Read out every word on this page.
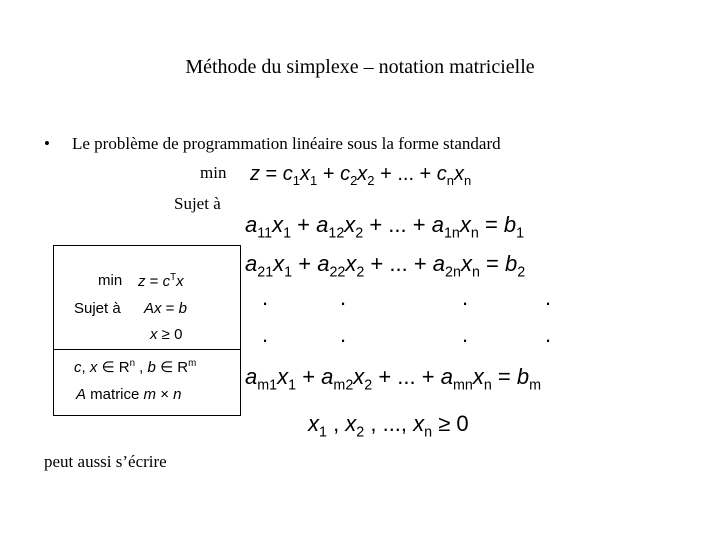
Méthode du simplexe – notation matricielle
• Le problème de programmation linéaire sous la forme standard
min
Sujet à
$z = c_1x_1 + c_2x_2$ + ... + $c_nx_n$
$a_{11}x_1 + a_{12}x_2$ + ... + $a_{1n}x_n = b_1$
$a_{21}x_1 + a_{22}x_2$ + ... + $a_{2n}x_n = b_2$
.	.	.	.
.	.	.	.
$a_{m1}x_1 + a_{m2}x_2$ + ... + $a_{mn}x_n = b_m$
$x_1$ , $x_2$ , ..., $x_n \ge 0$
$\min z = c^Tx$
Sujet à Ax = b
x ≥ 0
c, x ∈ $R^n$ , b ∈ $R^m$
A matrice m × n
peut aussi s’écrire
